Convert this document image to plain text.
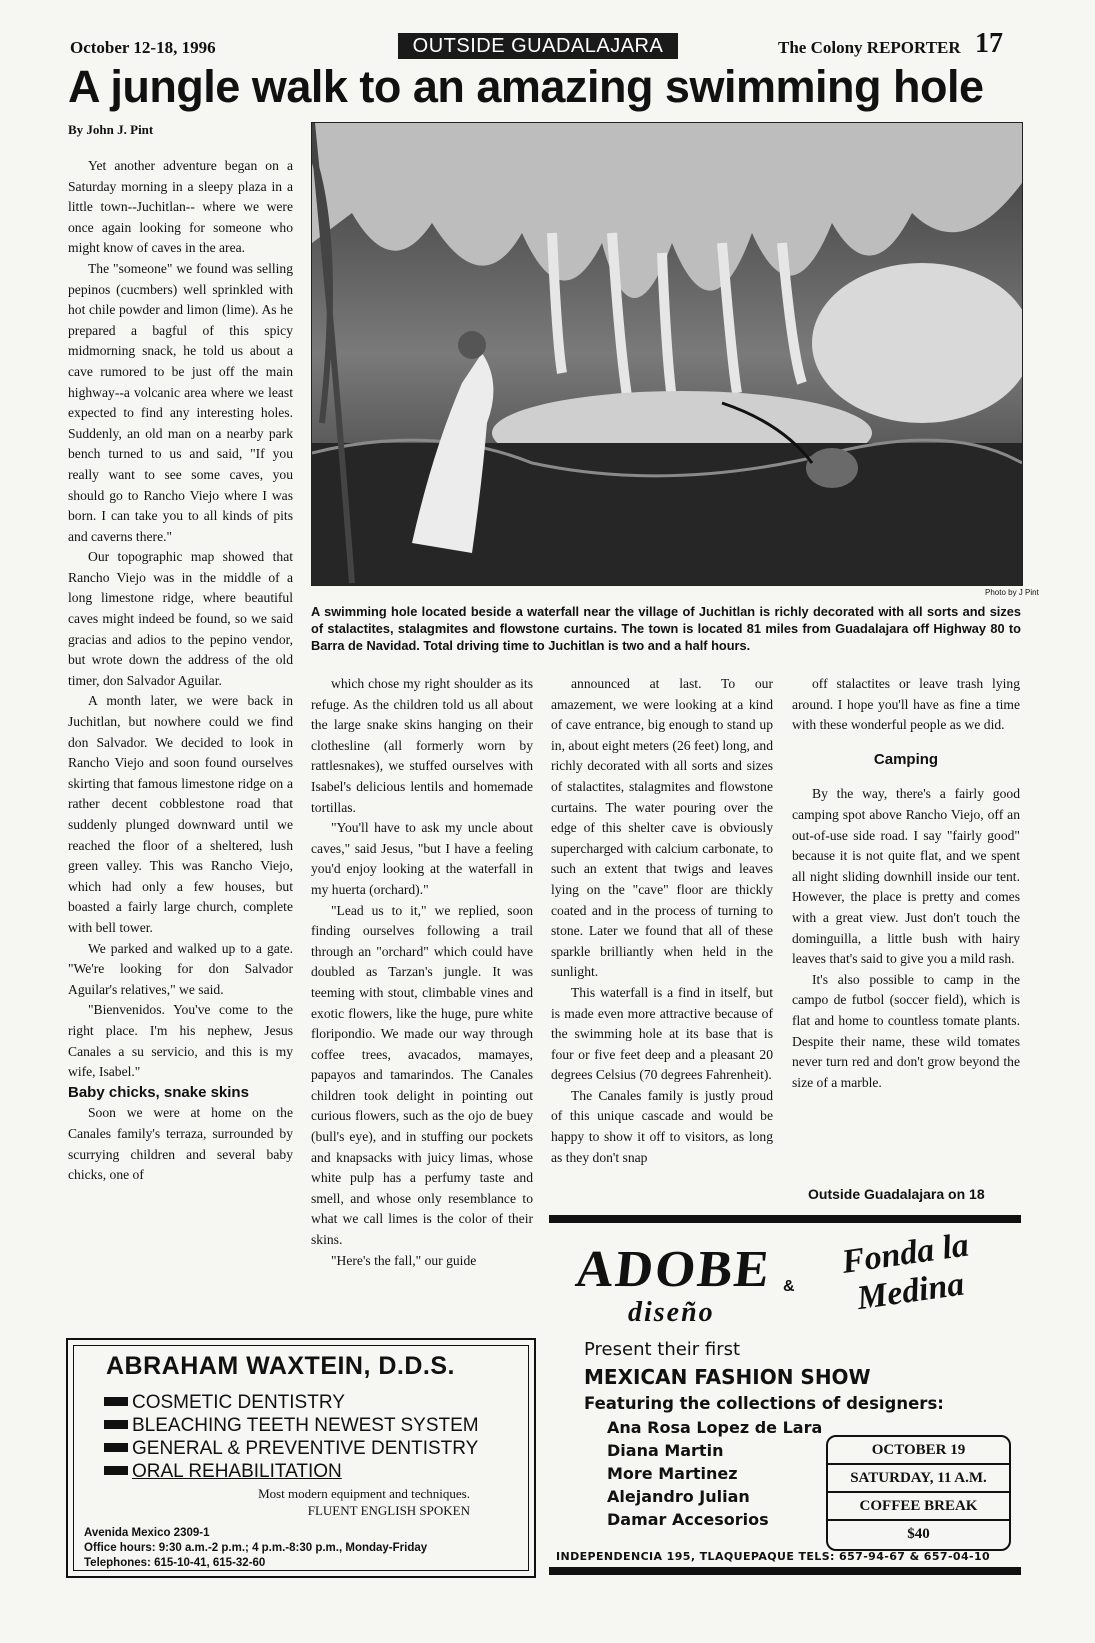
October 12-18, 1996	OUTSIDE GUADALAJARA	The Colony REPORTER 17
A jungle walk to an amazing swimming hole
By John J. Pint

Yet another adventure began on a Saturday morning in a sleepy plaza in a little town--Juchitlan-- where we were once again looking for someone who might know of caves in the area.

The "someone" we found was selling pepinos (cucmbers) well sprinkled with hot chile powder and limon (lime). As he prepared a bagful of this spicy midmorning snack, he told us about a cave rumored to be just off the main highway--a volcanic area where we least expected to find any interesting holes. Suddenly, an old man on a nearby park bench turned to us and said, "If you really want to see some caves, you should go to Rancho Viejo where I was born. I can take you to all kinds of pits and caverns there."

Our topographic map showed that Rancho Viejo was in the middle of a long limestone ridge, where beautiful caves might indeed be found, so we said gracias and adios to the pepino vendor, but wrote down the address of the old timer, don Salvador Aguilar.

A month later, we were back in Juchitlan, but nowhere could we find don Salvador. We decided to look in Rancho Viejo and soon found ourselves skirting that famous limestone ridge on a rather decent cobblestone road that suddenly plunged downward until we reached the floor of a sheltered, lush green valley. This was Rancho Viejo, which had only a few houses, but boasted a fairly large church, complete with bell tower.

We parked and walked up to a gate. "We're looking for don Salvador Aguilar's relatives," we said.

"Bienvenidos. You've come to the right place. I'm his nephew, Jesus Canales a su servicio, and this is my wife, Isabel."

Baby chicks, snake skins

Soon we were at home on the Canales family's terraza, surrounded by scurrying children and several baby chicks, one of

Photo by J Pint
A swimming hole located beside a waterfall near the village of Juchitlan is richly decorated with all sorts and sizes of stalactites, stalagmites and flowstone curtains. The town is located 81 miles from Guadalajara off Highway 80 to Barra de Navidad. Total driving time to Juchitlan is two and a half hours.

which chose my right shoulder as its refuge. As the children told us all about the large snake skins hanging on their clothesline (all formerly worn by rattlesnakes), we stuffed ourselves with Isabel's delicious lentils and homemade tortillas.

"You'll have to ask my uncle about caves," said Jesus, "but I have a feeling you'd enjoy looking at the waterfall in my huerta (orchard)."

"Lead us to it," we replied, soon finding ourselves following a trail through an "orchard" which could have doubled as Tarzan's jungle. It was teeming with stout, climbable vines and exotic flowers, like the huge, pure white floripondio. We made our way through coffee trees, avacados, mamayes, papayos and tamarindos. The Canales children took delight in pointing out curious flowers, such as the ojo de buey (bull's eye), and in stuffing our pockets and knapsacks with juicy limas, whose white pulp has a perfumy taste and smell, and whose only resemblance to what we call limes is the color of their skins.

"Here's the fall," our guide

announced at last. To our amazement, we were looking at a kind of cave entrance, big enough to stand up in, about eight meters (26 feet) long, and richly decorated with all sorts and sizes of stalactites, stalagmites and flowstone curtains. The water pouring over the edge of this shelter cave is obviously supercharged with calcium carbonate, to such an extent that twigs and leaves lying on the "cave" floor are thickly coated and in the process of turning to stone. Later we found that all of these sparkle brilliantly when held in the sunlight.

This waterfall is a find in itself, but is made even more attractive because of the swimming hole at its base that is four or five feet deep and a pleasant 20 degrees Celsius (70 degrees Fahrenheit).

The Canales family is justly proud of this unique cascade and would be happy to show it off to visitors, as long as they don't snap

off stalactites or leave trash lying around. I hope you'll have as fine a time with these wonderful people as we did.

Camping

By the way, there's a fairly good camping spot above Rancho Viejo, off an out-of-use side road. I say "fairly good" because it is not quite flat, and we spent all night sliding downhill inside our tent. However, the place is pretty and comes with a great view. Just don't touch the dominguilla, a little bush with hairy leaves that's said to give you a mild rash.

It's also possible to camp in the campo de futbol (soccer field), which is flat and home to countless tomate plants. Despite their name, these wild tomates never turn red and don't grow beyond the size of a marble.

Outside Guadalajara on 18
ABRAHAM WAXTEIN, D.D.S.
COSMETIC DENTISTRY
BLEACHING TEETH NEWEST SYSTEM
GENERAL & PREVENTIVE DENTISTRY
ORAL REHABILITATION
Most modern equipment and techniques.
FLUENT ENGLISH SPOKEN
Avenida Mexico 2309-1
Office hours: 9:30 a.m.-2 p.m.; 4 p.m.-8:30 p.m., Monday-Friday
Telephones: 615-10-41, 615-32-60
ADOBE
diseño
&
Fonda la Medina
Present their first
MEXICAN FASHION SHOW
Featuring the collections of designers:
Ana Rosa Lopez de Lara
Diana Martin
More Martinez
Alejandro Julian
Damar Accesorios
OCTOBER 19
SATURDAY, 11 A.M.
COFFEE BREAK
$40
INDEPENDENCIA 195, TLAQUEPAQUE TELS: 657-94-67 & 657-04-10
